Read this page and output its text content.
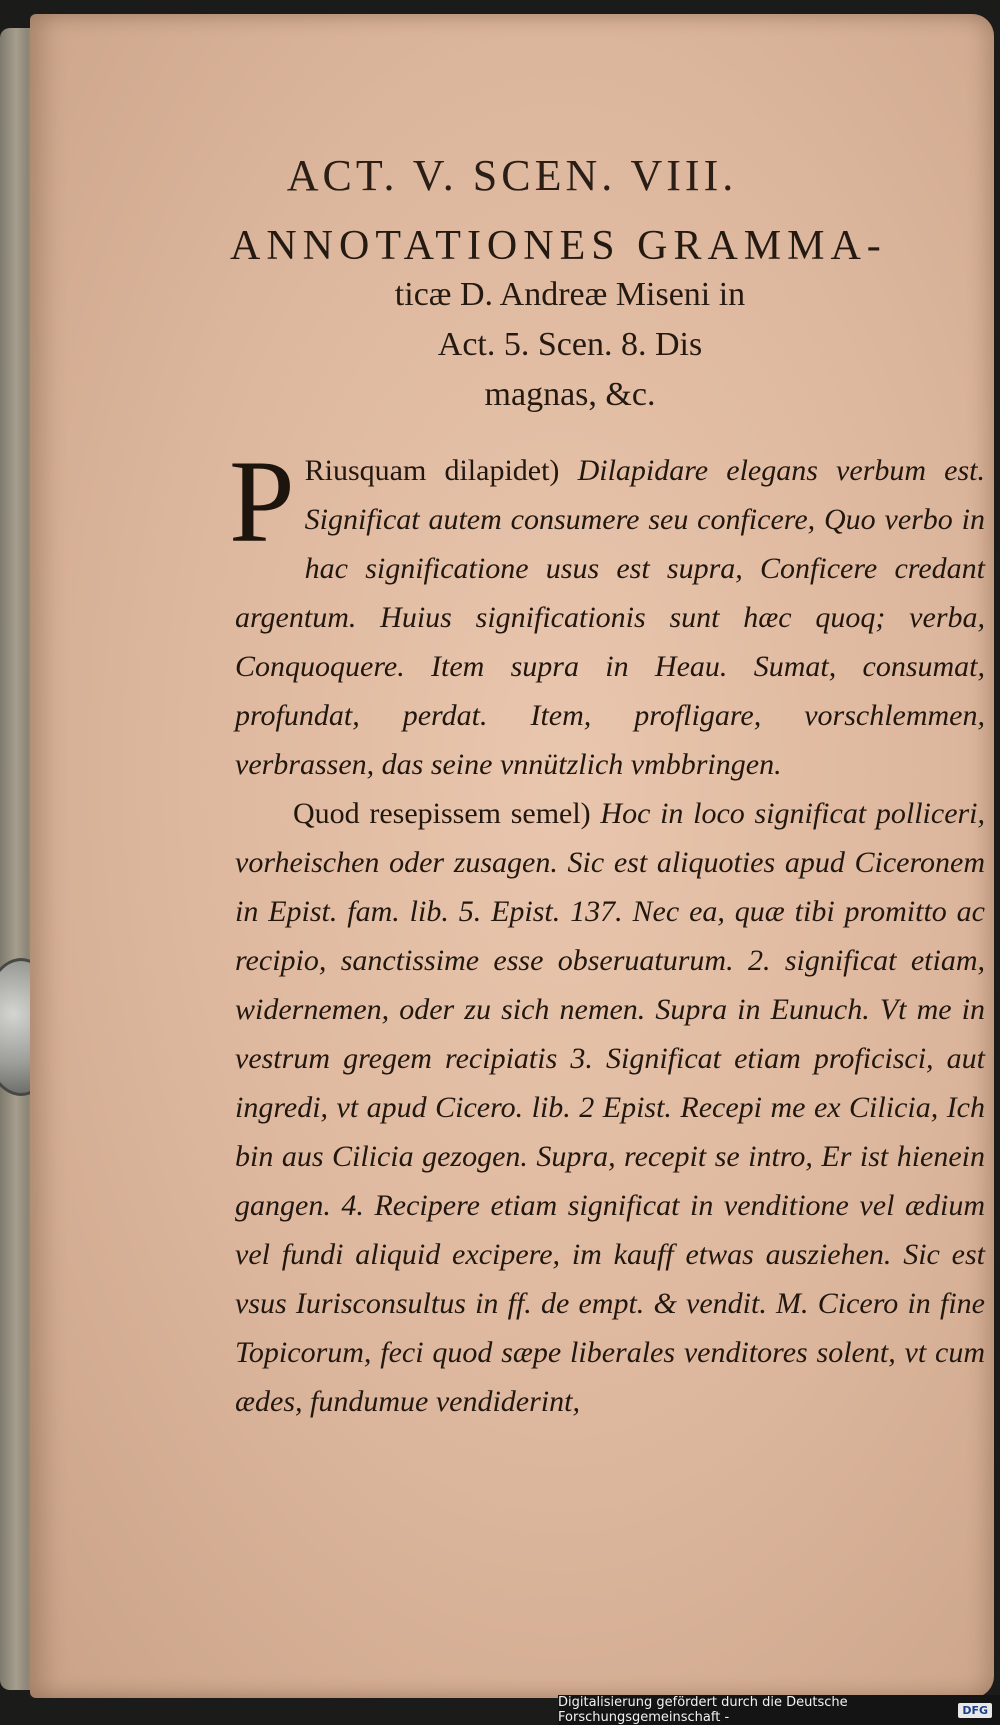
ACT. V. SCEN. VIII.
ANNOTATIONES GRAMMA-
ticæ D. Andreæ Miseni in
Act. 5. Scen. 8. Dis
magnas, &c.

P Riusquam dilapidet) Dilapidare elegans verbum est. Significat autem consumere seu conficere, Quo verbo in hac significatione usus est supra, Conficere credant argentum. Huius significationis sunt hæc quoq; verba, Conquoquere. Item supra in Heau. Sumat, consumat, profundat, perdat. Item, profligare, vorschlemmen, verbrassen, das seine vnnützlich vmbbringen.

Quod resepissem semel) Hoc in loco significat polliceri, vorheischen oder zusagen. Sic est aliquoties apud Ciceronem in Epist. fam. lib. 5. Epist. 137. Nec ea, quæ tibi promitto ac recipio, sanctissime esse obseruaturum. 2. significat etiam, widernemen, oder zu sich nemen. Supra in Eunuch. Vt me in vestrum gregem recipiatis 3. Significat etiam proficisci, aut ingredi, vt apud Cicero. lib. 2 Epist. Recepi me ex Cilicia, Ich bin aus Cilicia gezogen. Supra, recepit se intro, Er ist hienein gangen. 4. Recipere etiam significat in venditione vel ædium vel fundi aliquid excipere, im kauff etwas ausziehen. Sic est vsus Iurisconsultus in ff. de empt. & vendit. M. Cicero in fine Topicorum, feci quod sæpe liberales venditores solent, vt cum ædes, fundumue vendiderint,

Digitalisierung gefördert durch die Deutsche Forschungsgemeinschaft -	DFG
